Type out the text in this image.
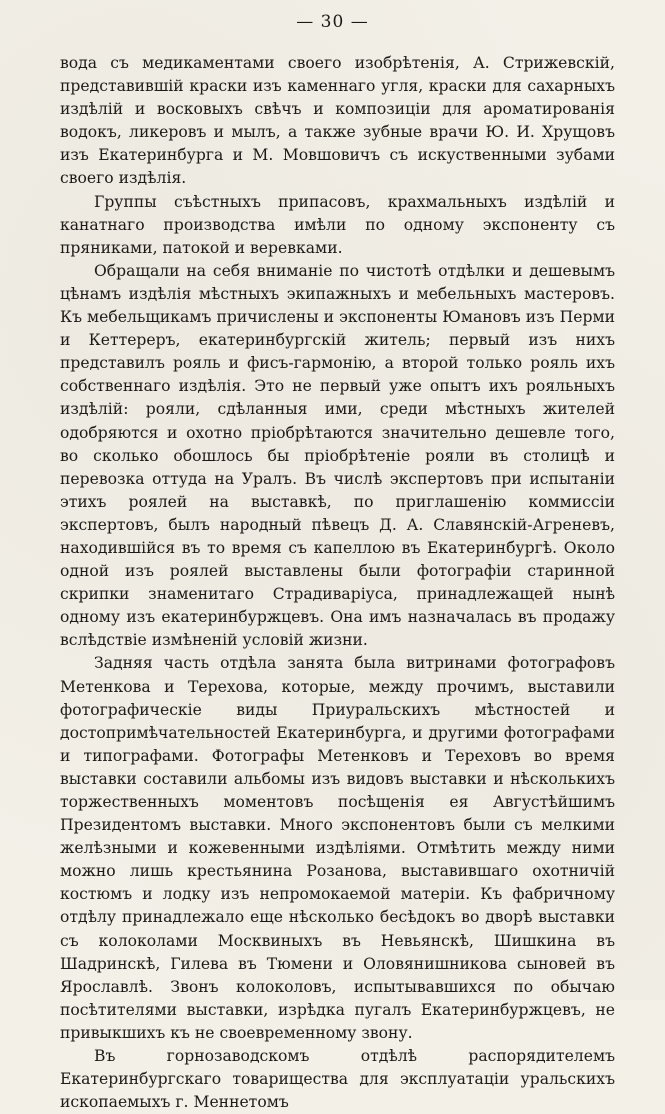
— 30 —

вода съ медикаментами своего изобрѣтенія, А. Стрижевскій, представившій краски изъ каменнаго угля, краски для сахарныхъ издѣлій и восковыхъ свѣчъ и композиціи для ароматированія водокъ, ликеровъ и мылъ, а также зубные врачи Ю. И. Хрущовъ изъ Екатеринбурга и М. Мовшовичъ съ искуственными зубами своего издѣлія.

Группы съѣстныхъ припасовъ, крахмальныхъ издѣлій и канатнаго производства имѣли по одному экспоненту съ пряниками, патокой и веревками.

Обращали на себя вниманіе по чистотѣ отдѣлки и дешевымъ цѣнамъ издѣлія мѣстныхъ экипажныхъ и мебельныхъ мастеровъ. Къ мебельщикамъ причислены и экспоненты Юмановъ изъ Перми и Кеттереръ, екатеринбургскій житель; первый изъ нихъ представилъ рояль и фисъ-гармонію, а второй только рояль ихъ собственнаго издѣлія. Это не первый уже опытъ ихъ рояльныхъ издѣлій: рояли, сдѣланныя ими, среди мѣстныхъ жителей одобряются и охотно пріобрѣтаются значительно дешевле того, во сколько обошлось бы пріобрѣтеніе рояли въ столицѣ и перевозка оттуда на Уралъ. Въ числѣ экспертовъ при испытаніи этихъ роялей на выставкѣ, по приглашенію коммиссіи экспертовъ, былъ народный пѣвецъ Д. А. Славянскій-Агреневъ, находившійся въ то время съ капеллою въ Екатеринбургѣ. Около одной изъ роялей выставлены были фотографіи старинной скрипки знаменитаго Страдиваріуса, принадлежащей нынѣ одному изъ екатеринбуржцевъ. Она имъ назначалась въ продажу вслѣдствіе измѣненій условій жизни.

Задняя часть отдѣла занята была витринами фотографовъ Метенкова и Терехова, которые, между прочимъ, выставили фотографическіе виды Приуральскихъ мѣстностей и достопримѣчательностей Екатеринбурга, и другими фотографами и типографами. Фотографы Метенковъ и Тереховъ во время выставки составили альбомы изъ видовъ выставки и нѣсколькихъ торжественныхъ моментовъ посѣщенія ея Августѣйшимъ Президентомъ выставки. Много экспонентовъ были съ мелкими желѣзными и кожевенными издѣліями. Отмѣтить между ними можно лишь крестьянина Розанова, выставившаго охотничій костюмъ и лодку изъ непромокаемой матеріи. Къ фабричному отдѣлу принадлежало еще нѣсколько бесѣдокъ во дворѣ выставки съ колоколами Москвиныхъ въ Невьянскѣ, Шишкина въ Шадринскѣ, Гилева въ Тюмени и Оловянишникова сыновей въ Ярославлѣ. Звонъ колоколовъ, испытывавшихся по обычаю посѣтителями выставки, изрѣдка пугалъ Екатеринбуржцевъ, не привыкшихъ къ не своевременному звону.

Въ горнозаводскомъ отдѣлѣ распорядителемъ Екатеринбургскаго товарищества для эксплуатаціи уральскихъ ископаемыхъ г. Меннетомъ
